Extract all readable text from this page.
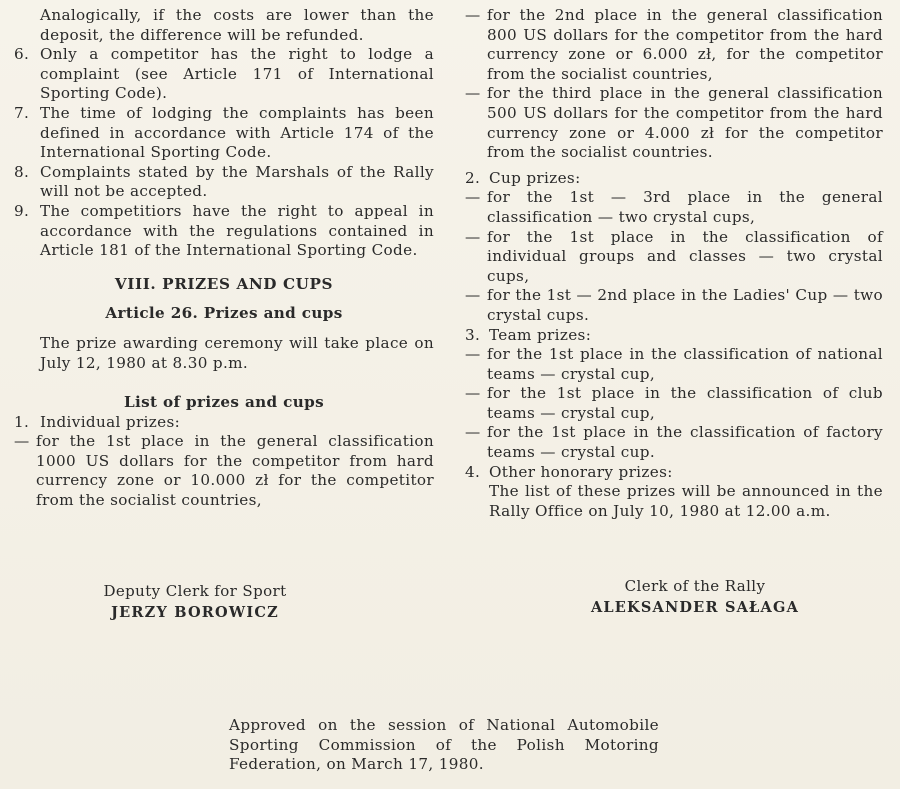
Analogically, if the costs are lower than the deposit, the difference will be refunded.

6. Only a competitor has the right to lodge a complaint (see Article 171 of International Sporting Code).

7. The time of lodging the complaints has been defined in accordance with Article 174 of the International Sporting Code.

8. Complaints stated by the Marshals of the Rally will not be accepted.

9. The competitiors have the right to appeal in accordance with the regulations contained in Article 181 of the International Sporting Code.

VIII. PRIZES AND CUPS
Article 26. Prizes and cups

The prize awarding ceremony will take place on July 12, 1980 at 8.30 p.m.

List of prizes and cups

1. Individual prizes:

— for the 1st place in the general classification 1000 US dollars for the competitor from hard currency zone or 10.000 zł for the competitor from the socialist countries,

— for the 2nd place in the general classification 800 US dollars for the competitor from the hard currency zone or 6.000 zł, for the competitor from the socialist countries,

— for the third place in the general classification 500 US dollars for the competitor from the hard currency zone or 4.000 zł for the competitor from the socialist countries.

2. Cup prizes:

— for the 1st — 3rd place in the general classification — two crystal cups,

— for the 1st place in the classification of individual groups and classes — two crystal cups,

— for the 1st — 2nd place in the Ladies' Cup — two crystal cups.

3. Team prizes:

— for the 1st place in the classification of national teams — crystal cup,

— for the 1st place in the classification of club teams — crystal cup,

— for the 1st place in the classification of factory teams — crystal cup.

4. Other honorary prizes:

The list of these prizes will be announced in the Rally Office on July 10, 1980 at 12.00 a.m.

Deputy Clerk for Sport
JERZY BOROWICZ
Clerk of the Rally
ALEKSANDER SAŁAGA
Approved on the session of National Automobile Sporting Commission of the Polish Motoring Federation, on March 17, 1980.
